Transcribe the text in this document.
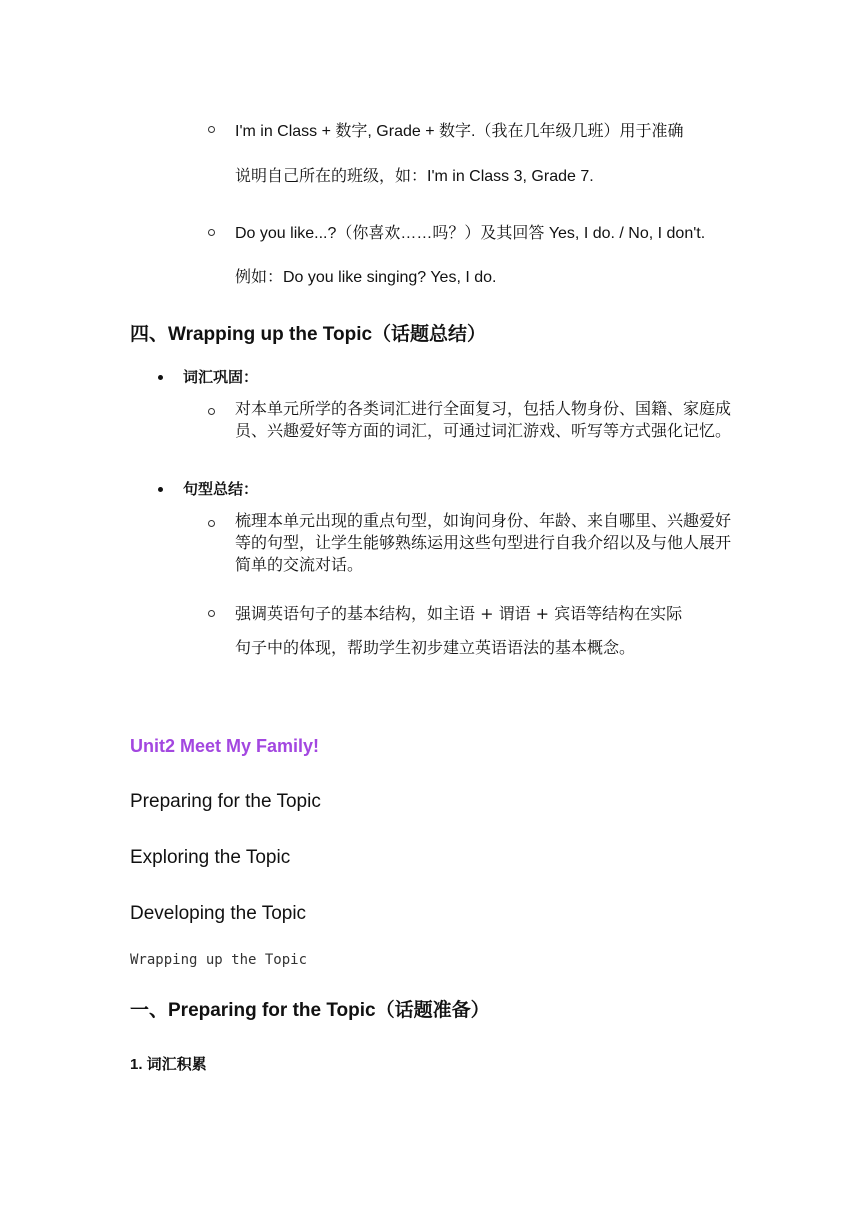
I'm in Class + 数字, Grade + 数字.（我在几年级几班）用于准确
说明自己所在的班级，如：I'm in Class 3, Grade 7.
Do you like...?（你喜欢……吗？）及其回答 Yes, I do. / No, I don't.
例如：Do you like singing? Yes, I do.
四、Wrapping up the Topic（话题总结）
词汇巩固：
对本单元所学的各类词汇进行全面复习，包括人物身份、国籍、家庭成员、兴趣爱好等方面的词汇，可通过词汇游戏、听写等方式强化记忆。
句型总结：
梳理本单元出现的重点句型，如询问身份、年龄、来自哪里、兴趣爱好等的句型，让学生能够熟练运用这些句型进行自我介绍以及与他人展开简单的交流对话。
强调英语句子的基本结构，如主语 + 谓语 + 宾语等结构在实际
句子中的体现，帮助学生初步建立英语语法的基本概念。
Unit2 Meet My Family!
Preparing for the Topic
Exploring the Topic
Developing the Topic
Wrapping up the Topic
一、Preparing for the Topic（话题准备）
1. 词汇积累
